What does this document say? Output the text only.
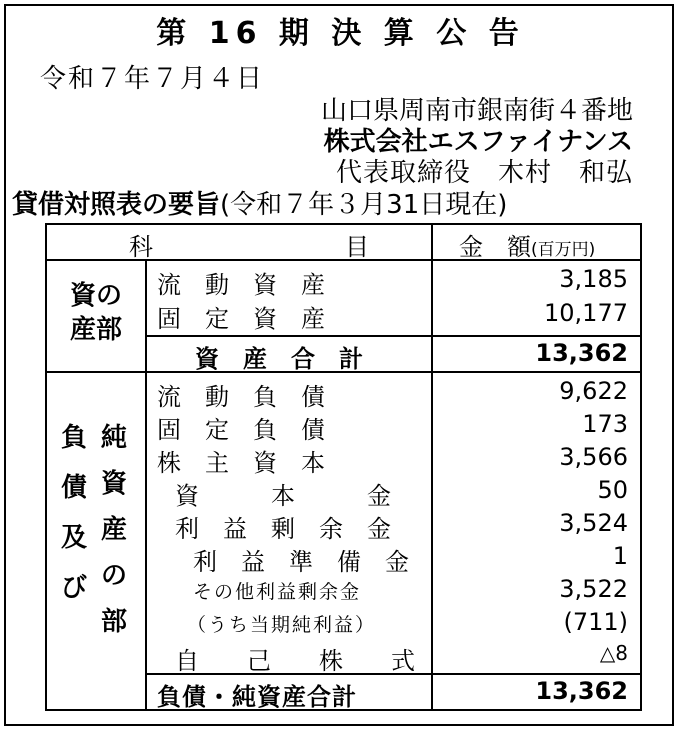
第 16 期 決 算 公 告
令和７年７月４日
山口県周南市銀南街４番地
株式会社エスファイナンス
代表取締役　木村　和弘
貸借対照表の要旨(令和７年３月31日現在)
科　　　　　　　　目	金　額(百万円)
資の
産部
流　動　資　産	3,185
固　定　資　産	10,177
資　産　合　計	13,362
負
債
及
び
純
資
産
の
部
流　動　負　債	9,622
固　定　負　債	173
株　主　資　本	3,566
資　　　本　　　金	50
利　益　剰　余　金	3,524
利　益　準　備　金	1
その他利益剰余金	3,522
（うち当期純利益）	(711)
自　　己　　株　　式	△8
負債・純資産合計	13,362
